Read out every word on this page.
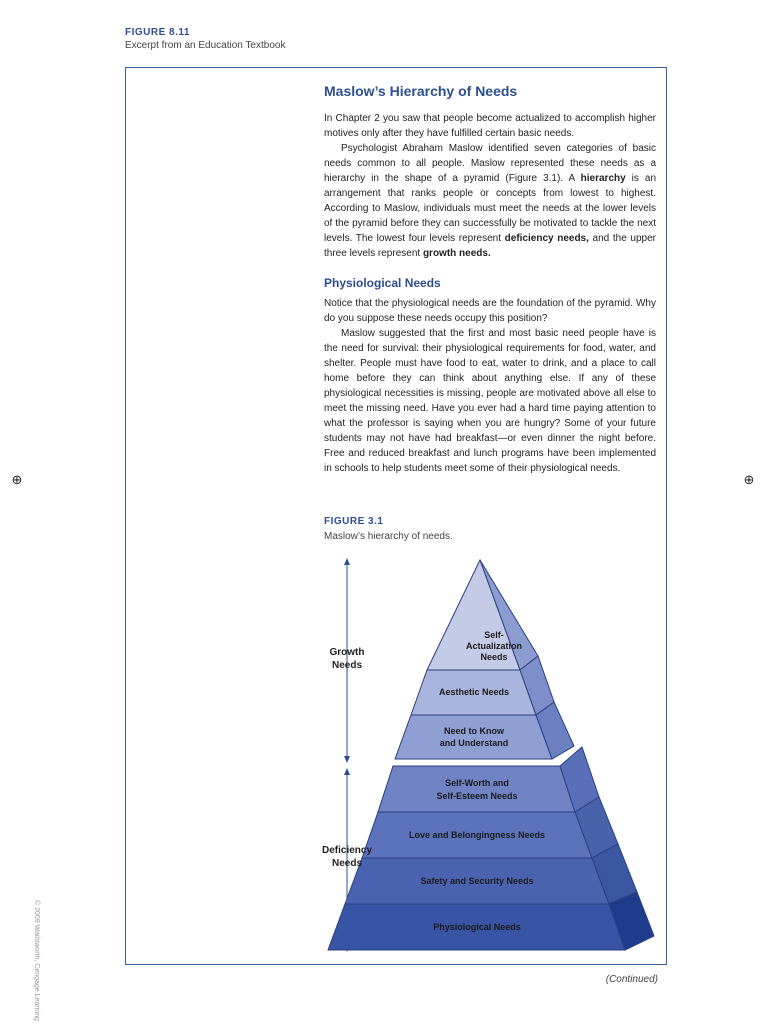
FIGURE 8.11
Excerpt from an Education Textbook
⊕	⊕
Maslow’s Hierarchy of Needs

In Chapter 2 you saw that people become actualized to accomplish higher motives only after they have fulfilled certain basic needs.

Psychologist Abraham Maslow identified seven categories of basic needs common to all people. Maslow represented these needs as a hierarchy in the shape of a pyramid (Figure 3.1). A hierarchy is an arrangement that ranks people or concepts from lowest to highest. According to Maslow, individuals must meet the needs at the lower levels of the pyramid before they can successfully be motivated to tackle the next levels. The lowest four levels represent deficiency needs, and the upper three levels represent growth needs.

Physiological Needs

Notice that the physiological needs are the foundation of the pyramid. Why do you suppose these needs occupy this position?

Maslow suggested that the first and most basic need people have is the need for survival: their physiological requirements for food, water, and shelter. People must have food to eat, water to drink, and a place to call home before they can think about anything else. If any of these physiological necessities is missing, people are motivated above all else to meet the missing need. Have you ever had a hard time paying attention to what the professor is saying when you are hungry? Some of your future students may not have had breakfast—or even dinner the night before. Free and reduced breakfast and lunch programs have been implemented in schools to help students meet some of their physiological needs.

FIGURE 3.1
Maslow’s hierarchy of needs.
Self-
Actualization
Needs
Aesthetic Needs
Need to Know
and Understand
Self-Worth and
Self-Esteem Needs
Love and Belongingness Needs
Safety and Security Needs
Physiological Needs
Growth
Needs
Deficiency
Needs
© 2009 Wadsworth, Cengage Learning	(Continued)
